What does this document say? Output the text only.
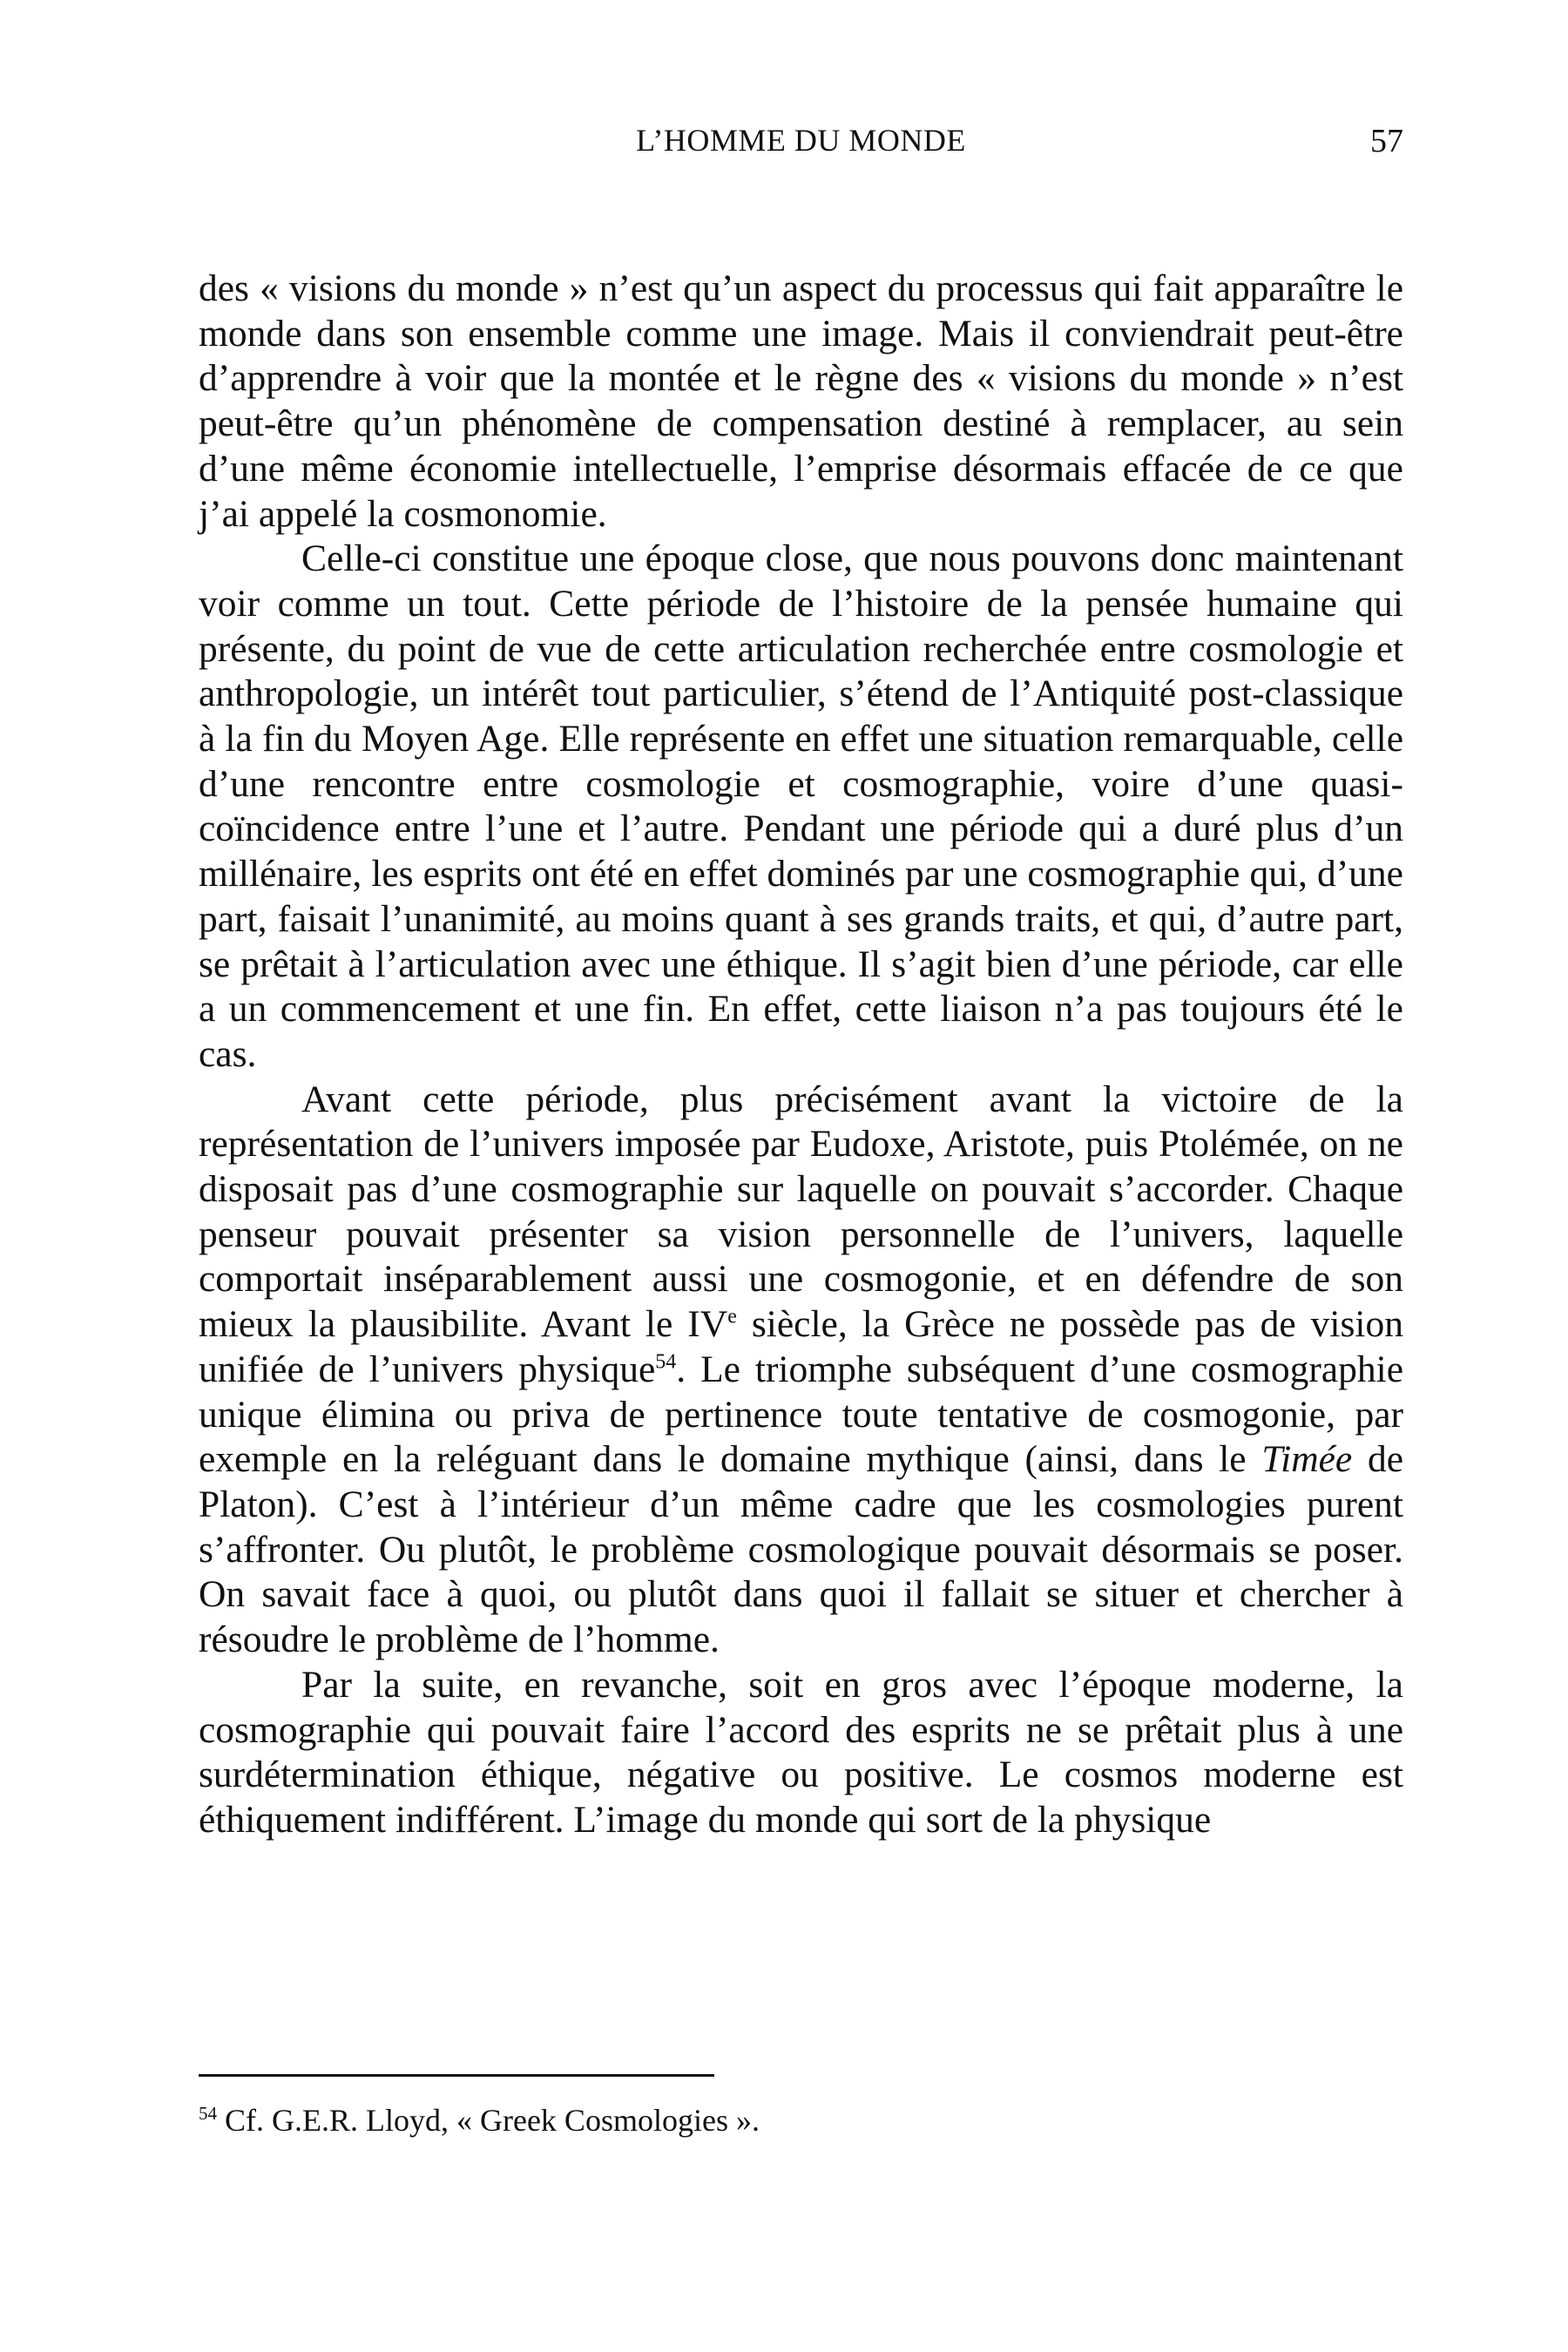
L’HOMME DU MONDE	57

des « visions du monde » n’est qu’un aspect du processus qui fait apparaître le monde dans son ensemble comme une image. Mais il conviendrait peut-être d’apprendre à voir que la montée et le règne des « visions du monde » n’est peut-être qu’un phénomène de compensation destiné à remplacer, au sein d’une même économie intellectuelle, l’emprise désormais effacée de ce que j’ai appelé la cosmonomie.

Celle-ci constitue une époque close, que nous pouvons donc maintenant voir comme un tout. Cette période de l’histoire de la pensée humaine qui présente, du point de vue de cette articulation recherchée entre cosmologie et anthropologie, un intérêt tout particulier, s’étend de l’Antiquité post-classique à la fin du Moyen Age. Elle représente en effet une situation remarquable, celle d’une rencontre entre cosmologie et cosmographie, voire d’une quasi-coïncidence entre l’une et l’autre. Pendant une période qui a duré plus d’un millénaire, les esprits ont été en effet dominés par une cosmographie qui, d’une part, faisait l’unanimité, au moins quant à ses grands traits, et qui, d’autre part, se prêtait à l’articulation avec une éthique. Il s’agit bien d’une période, car elle a un commencement et une fin. En effet, cette liaison n’a pas toujours été le cas.

Avant cette période, plus précisément avant la victoire de la représentation de l’univers imposée par Eudoxe, Aristote, puis Ptolémée, on ne disposait pas d’une cosmographie sur laquelle on pouvait s’accorder. Chaque penseur pouvait présenter sa vision personnelle de l’univers, laquelle comportait inséparablement aussi une cosmogonie, et en défendre de son mieux la plausibilite. Avant le IVe siècle, la Grèce ne possède pas de vision unifiée de l’univers physique$^{54}$. Le triomphe subséquent d’une cosmographie unique élimina ou priva de pertinence toute tentative de cosmogonie, par exemple en la reléguant dans le domaine mythique (ainsi, dans le Timée de Platon). C’est à l’intérieur d’un même cadre que les cosmologies purent s’affronter. Ou plutôt, le problème cosmologique pouvait désormais se poser. On savait face à quoi, ou plutôt dans quoi il fallait se situer et chercher à résoudre le problème de l’homme.

Par la suite, en revanche, soit en gros avec l’époque moderne, la cosmographie qui pouvait faire l’accord des esprits ne se prêtait plus à une surdétermination éthique, négative ou positive. Le cosmos moderne est éthiquement indifférent. L’image du monde qui sort de la physique

$^{54}$ Cf. G.E.R. Lloyd, « Greek Cosmologies ».
